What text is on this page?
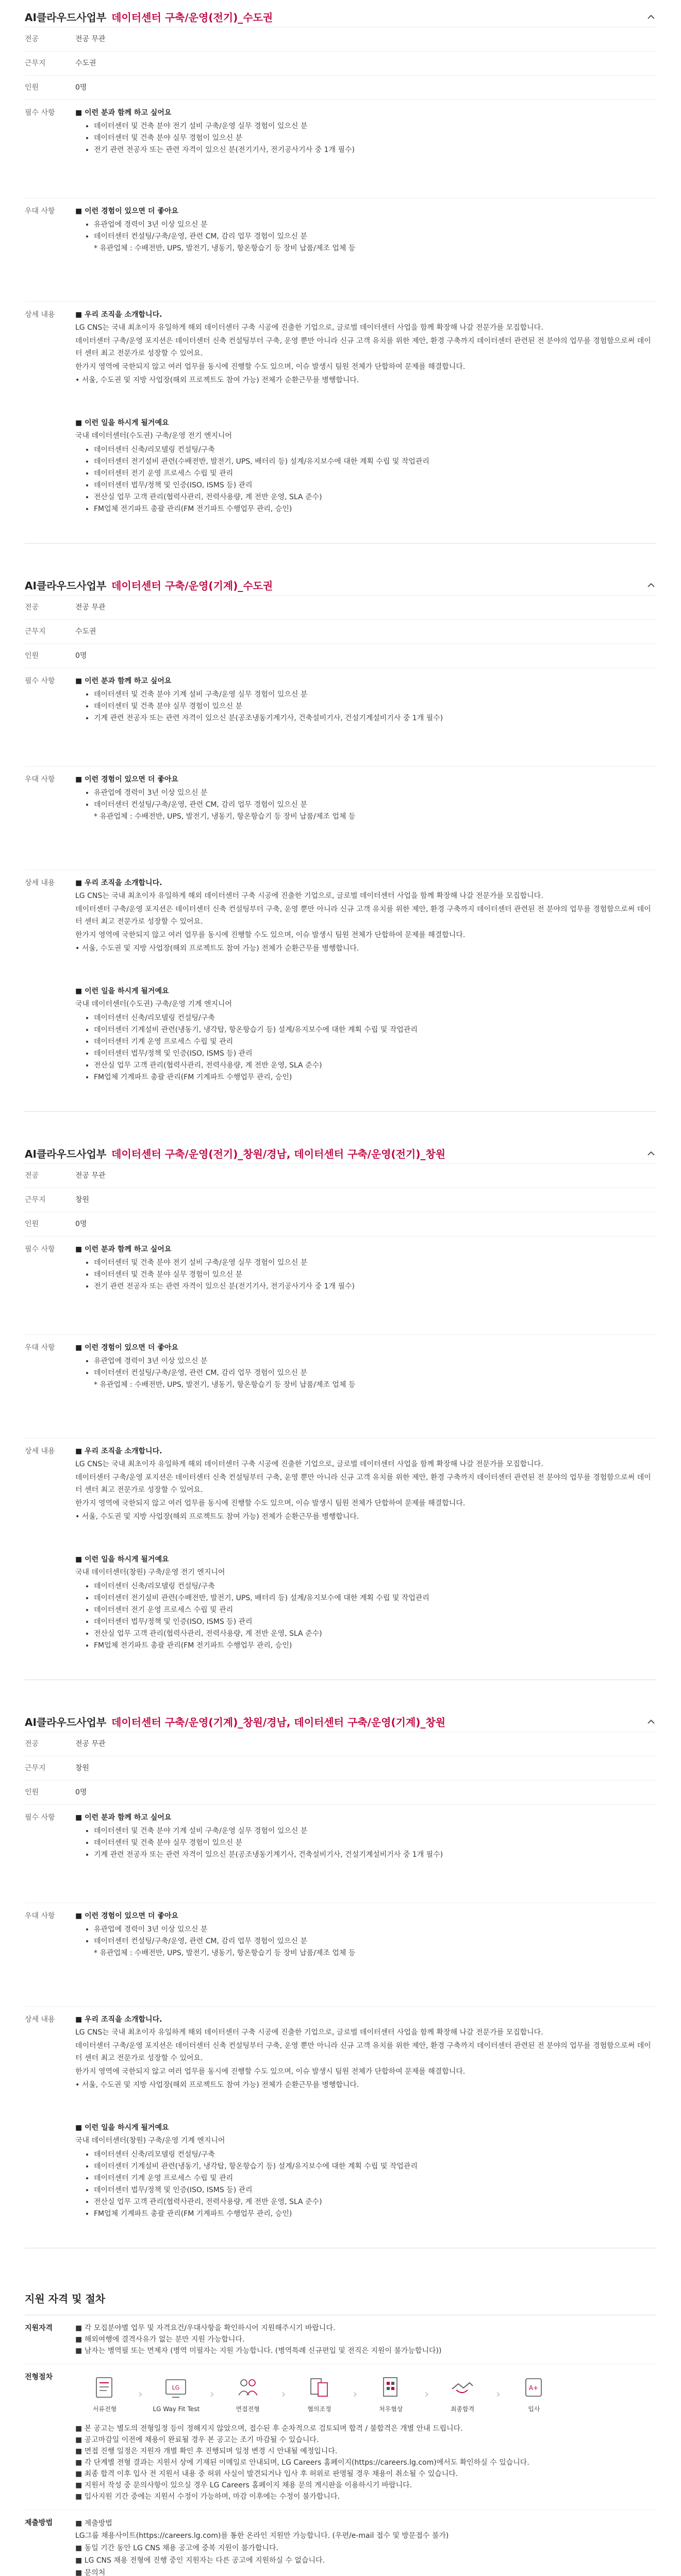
AI클라우드사업부 데이터센터 구축/운영(전기)_수도권
전공	전공 무관
근무지	수도권
인원	0명
필수 사항	■ 이런 분과 함께 하고 싶어요
• 데이터센터 및 건축 분야 전기 설비 구축/운영 실무 경험이 있으신 분
• 데이터센터 및 건축 분야 실무 경험이 있으신 분
• 전기 관련 전공자 또는 관련 자격이 있으신 분(전기기사, 전기공사기사 중 1개 필수)
우대 사항	■ 이런 경험이 있으면 더 좋아요
• 유관업에 경력이 3년 이상 있으신 분
• 데이터센터 컨설팅/구축/운영, 관련 CM, 감리 업무 경험이 있으신 분
* 유관업체 : 수배전반, UPS, 발전기, 냉동기, 항온항습기 등 장비 납품/제조 업체 등
상세 내용	■ 우리 조직을 소개합니다.
LG CNS는 국내 최초이자 유일하게 해외 데이터센터 구축 시공에 진출한 기업으로, 글로벌 데이터센터 사업을 함께 확장해 나갈 전문가를 모집합니다.
데이터센터 구축/운영 포지션은 데이터센터 신축 컨설팅부터 구축, 운영 뿐만 아니라 신규 고객 유치를 위한 제안, 환경 구축까지 데이터센터 관련된 전 분야의 업무를 경험함으로써 데이터 센터 최고 전문가로 성장할 수 있어요.
한가지 영역에 국한되지 않고 여러 업무를 동시에 진행할 수도 있으며, 이슈 발생시 팀원 전체가 단합하여 문제를 해결합니다.
• 서울, 수도권 및 지방 사업장(해외 프로젝트도 참여 가능) 전체가 순환근무를 병행합니다.
■ 이런 일을 하시게 될거예요
국내 데이터센터(수도권) 구축/운영 전기 엔지니어
• 데이터센터 신축/리모델링 컨설팅/구축
• 데이터센터 전기설비 관련(수배전반, 발전기, UPS, 배터리 등) 설계/유지보수에 대한 계획 수립 및 작업관리
• 데이터센터 전기 운영 프로세스 수립 및 관리
• 데이터센터 법무/정책 및 인증(ISO, ISMS 등) 관리
• 전산실 업무 고객 관리(협력사관리, 전력사용량, 계 전반 운영, SLA 준수)
• FM업체 전기파트 총괄 관리(FM 전기파트 수행업무 관리, 승인)
AI클라우드사업부 데이터센터 구축/운영(기계)_수도권
전공	전공 무관
근무지	수도권
인원	0명
필수 사항	■ 이런 분과 함께 하고 싶어요
• 데이터센터 및 건축 분야 기계 설비 구축/운영 실무 경험이 있으신 분
• 데이터센터 및 건축 분야 실무 경험이 있으신 분
• 기계 관련 전공자 또는 관련 자격이 있으신 분(공조냉동기계기사, 건축설비기사, 건설기계설비기사 중 1개 필수)
우대 사항	■ 이런 경험이 있으면 더 좋아요
• 유관업에 경력이 3년 이상 있으신 분
• 데이터센터 컨설팅/구축/운영, 관련 CM, 감리 업무 경험이 있으신 분
* 유관업체 : 수배전반, UPS, 발전기, 냉동기, 항온항습기 등 장비 납품/제조 업체 등
상세 내용	■ 우리 조직을 소개합니다.
LG CNS는 국내 최초이자 유일하게 해외 데이터센터 구축 시공에 진출한 기업으로, 글로벌 데이터센터 사업을 함께 확장해 나갈 전문가를 모집합니다.
데이터센터 구축/운영 포지션은 데이터센터 신축 컨설팅부터 구축, 운영 뿐만 아니라 신규 고객 유치를 위한 제안, 환경 구축까지 데이터센터 관련된 전 분야의 업무를 경험함으로써 데이터 센터 최고 전문가로 성장할 수 있어요.
한가지 영역에 국한되지 않고 여러 업무를 동시에 진행할 수도 있으며, 이슈 발생시 팀원 전체가 단합하여 문제를 해결합니다.
• 서울, 수도권 및 지방 사업장(해외 프로젝트도 참여 가능) 전체가 순환근무를 병행합니다.
■ 이런 일을 하시게 될거예요
국내 데이터센터(수도권) 구축/운영 기계 엔지니어
• 데이터센터 신축/리모델링 컨설팅/구축
• 데이터센터 기계설비 관련(냉동기, 냉각탑, 항온항습기 등) 설계/유지보수에 대한 계획 수립 및 작업관리
• 데이터센터 기계 운영 프로세스 수립 및 관리
• 데이터센터 법무/정책 및 인증(ISO, ISMS 등) 관리
• 전산실 업무 고객 관리(협력사관리, 전력사용량, 계 전반 운영, SLA 준수)
• FM업체 기계파트 총괄 관리(FM 기계파트 수행업무 관리, 승인)
AI클라우드사업부 데이터센터 구축/운영(전기)_창원/경남, 데이터센터 구축/운영(전기)_창원
전공	전공 무관
근무지	창원
인원	0명
필수 사항	■ 이런 분과 함께 하고 싶어요
• 데이터센터 및 건축 분야 전기 설비 구축/운영 실무 경험이 있으신 분
• 데이터센터 및 건축 분야 실무 경험이 있으신 분
• 전기 관련 전공자 또는 관련 자격이 있으신 분(전기기사, 전기공사기사 중 1개 필수)
우대 사항	■ 이런 경험이 있으면 더 좋아요
• 유관업에 경력이 3년 이상 있으신 분
• 데이터센터 컨설팅/구축/운영, 관련 CM, 감리 업무 경험이 있으신 분
* 유관업체 : 수배전반, UPS, 발전기, 냉동기, 항온항습기 등 장비 납품/제조 업체 등
상세 내용	■ 우리 조직을 소개합니다.
LG CNS는 국내 최초이자 유일하게 해외 데이터센터 구축 시공에 진출한 기업으로, 글로벌 데이터센터 사업을 함께 확장해 나갈 전문가를 모집합니다.
데이터센터 구축/운영 포지션은 데이터센터 신축 컨설팅부터 구축, 운영 뿐만 아니라 신규 고객 유치를 위한 제안, 환경 구축까지 데이터센터 관련된 전 분야의 업무를 경험함으로써 데이터 센터 최고 전문가로 성장할 수 있어요.
한가지 영역에 국한되지 않고 여러 업무를 동시에 진행할 수도 있으며, 이슈 발생시 팀원 전체가 단합하여 문제를 해결합니다.
• 서울, 수도권 및 지방 사업장(해외 프로젝트도 참여 가능) 전체가 순환근무를 병행합니다.
■ 이런 일을 하시게 될거예요
국내 데이터센터(창원) 구축/운영 전기 엔지니어
• 데이터센터 신축/리모델링 컨설팅/구축
• 데이터센터 전기설비 관련(수배전반, 발전기, UPS, 배터리 등) 설계/유지보수에 대한 계획 수립 및 작업관리
• 데이터센터 전기 운영 프로세스 수립 및 관리
• 데이터센터 법무/정책 및 인증(ISO, ISMS 등) 관리
• 전산실 업무 고객 관리(협력사관리, 전력사용량, 계 전반 운영, SLA 준수)
• FM업체 전기파트 총괄 관리(FM 전기파트 수행업무 관리, 승인)
AI클라우드사업부 데이터센터 구축/운영(기계)_창원/경남, 데이터센터 구축/운영(기계)_창원
전공	전공 무관
근무지	창원
인원	0명
필수 사항	■ 이런 분과 함께 하고 싶어요
• 데이터센터 및 건축 분야 기계 설비 구축/운영 실무 경험이 있으신 분
• 데이터센터 및 건축 분야 실무 경험이 있으신 분
• 기계 관련 전공자 또는 관련 자격이 있으신 분(공조냉동기계기사, 건축설비기사, 건설기계설비기사 중 1개 필수)
우대 사항	■ 이런 경험이 있으면 더 좋아요
• 유관업에 경력이 3년 이상 있으신 분
• 데이터센터 컨설팅/구축/운영, 관련 CM, 감리 업무 경험이 있으신 분
* 유관업체 : 수배전반, UPS, 발전기, 냉동기, 항온항습기 등 장비 납품/제조 업체 등
상세 내용	■ 우리 조직을 소개합니다.
LG CNS는 국내 최초이자 유일하게 해외 데이터센터 구축 시공에 진출한 기업으로, 글로벌 데이터센터 사업을 함께 확장해 나갈 전문가를 모집합니다.
데이터센터 구축/운영 포지션은 데이터센터 신축 컨설팅부터 구축, 운영 뿐만 아니라 신규 고객 유치를 위한 제안, 환경 구축까지 데이터센터 관련된 전 분야의 업무를 경험함으로써 데이터 센터 최고 전문가로 성장할 수 있어요.
한가지 영역에 국한되지 않고 여러 업무를 동시에 진행할 수도 있으며, 이슈 발생시 팀원 전체가 단합하여 문제를 해결합니다.
• 서울, 수도권 및 지방 사업장(해외 프로젝트도 참여 가능) 전체가 순환근무를 병행합니다.
■ 이런 일을 하시게 될거예요
국내 데이터센터(창원) 구축/운영 기계 엔지니어
• 데이터센터 신축/리모델링 컨설팅/구축
• 데이터센터 기계설비 관련(냉동기, 냉각탑, 항온항습기 등) 설계/유지보수에 대한 계획 수립 및 작업관리
• 데이터센터 기계 운영 프로세스 수립 및 관리
• 데이터센터 법무/정책 및 인증(ISO, ISMS 등) 관리
• 전산실 업무 고객 관리(협력사관리, 전력사용량, 계 전반 운영, SLA 준수)
• FM업체 기계파트 총괄 관리(FM 기계파트 수행업무 관리, 승인)
지원 자격 및 절차
지원자격	■ 각 모집분야별 업무 및 자격요건/우대사항을 확인하시어 지원해주시기 바랍니다.
■ 해외여행에 결격사유가 없는 분만 지원 가능합니다.
■ 남자는 병역필 또는 면제자 (병역 미필자는 지원 가능합니다. (병역특례 신규편입 및 전직은 지원이 불가능합니다))
전형절차
서류전형
›
LG
LG Way Fit Test
›
면접전형
›
협의조정
›
처우협상
›
최종합격
›	A+
입사
■ 본 공고는 별도의 전형일정 등이 정해지지 않았으며, 접수된 후 순차적으로 검토되며 합격 / 불합격은 개별 안내 드립니다.
■ 공고마감일 이전에 채용이 완료될 경우 본 공고는 조기 마감될 수 있습니다.
■ 면접 진행 일정은 지원자 개별 확인 후 진행되며 일정 변경 시 안내될 예정입니다.
■ 각 단계별 전형 결과는 지원서 상에 기재된 이메일로 안내되며, LG Careers 홈페이지(https://careers.lg.com)에서도 확인하실 수 있습니다.
■ 최종 합격 이후 입사 전 지원서 내용 중 허위 사실이 발견되거나 입사 후 허위로 판명될 경우 채용이 취소될 수 있습니다.
■ 지원서 작성 중 문의사항이 있으실 경우 LG Careers 홈페이지 채용 문의 게시판을 이용하시기 바랍니다.
■ 입사지원 기간 중에는 지원서 수정이 가능하며, 마감 이후에는 수정이 불가합니다.
제출방법	■ 제출방법
LG그룹 채용사이트(https://careers.lg.com)를 통한 온라인 지원만 가능합니다. (우편/e-mail 접수 및 방문접수 불가)
■ 동일 기간 동안 LG CNS 채용 공고에 중복 지원이 불가합니다.
■ LG CNS 채용 전형에 진행 중인 지원자는 다른 공고에 지원하실 수 없습니다.
■ 문의처
